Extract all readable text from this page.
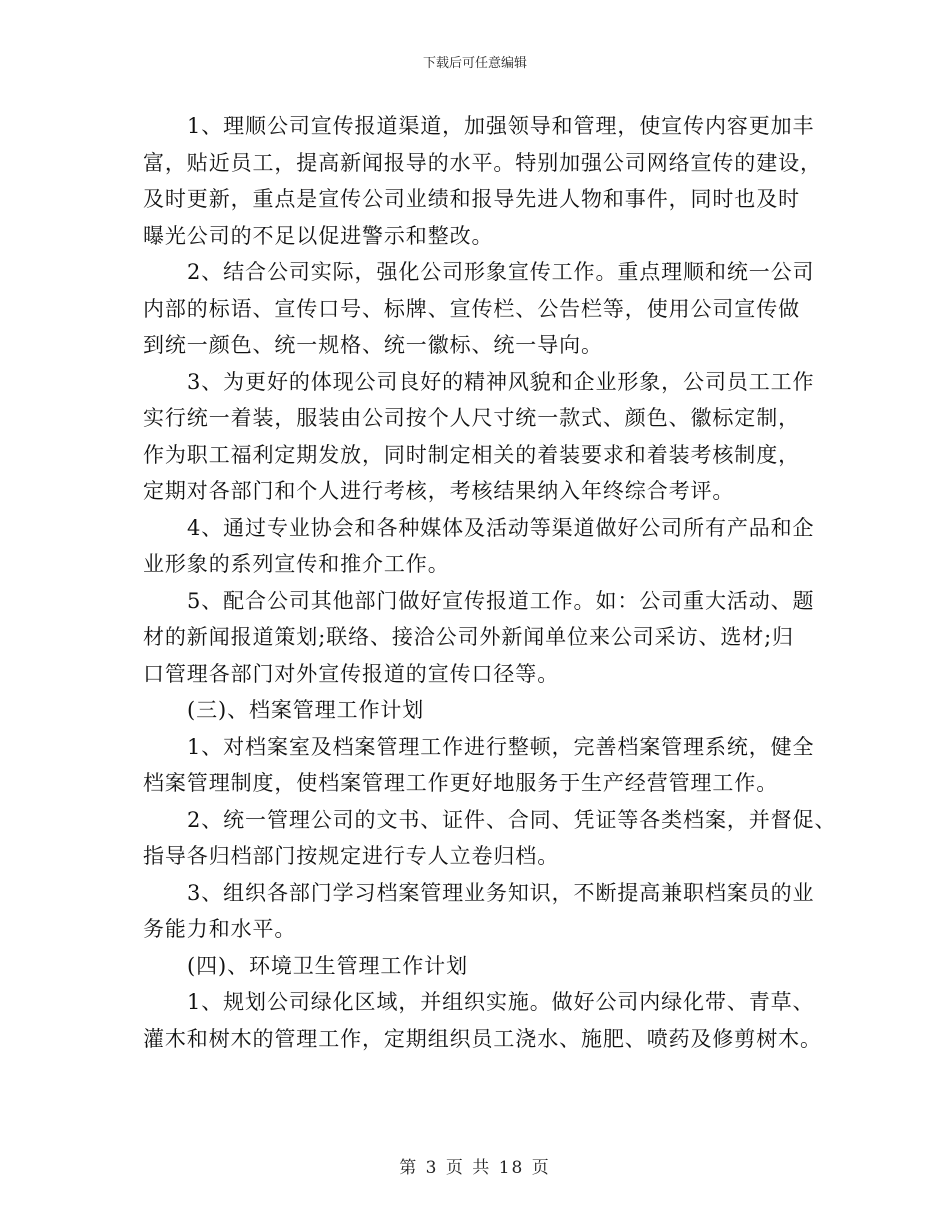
下载后可任意编辑
1、理顺公司宣传报道渠道，加强领导和管理，使宣传内容更加丰
富，贴近员工，提高新闻报导的水平。特别加强公司网络宣传的建设，
及时更新，重点是宣传公司业绩和报导先进人物和事件，同时也及时
曝光公司的不足以促进警示和整改。
2、结合公司实际，强化公司形象宣传工作。重点理顺和统一公司
内部的标语、宣传口号、标牌、宣传栏、公告栏等，使用公司宣传做
到统一颜色、统一规格、统一徽标、统一导向。
3、为更好的体现公司良好的精神风貌和企业形象，公司员工工作
实行统一着装，服装由公司按个人尺寸统一款式、颜色、徽标定制，
作为职工福利定期发放，同时制定相关的着装要求和着装考核制度，
定期对各部门和个人进行考核，考核结果纳入年终综合考评。
4、通过专业协会和各种媒体及活动等渠道做好公司所有产品和企
业形象的系列宣传和推介工作。
5、配合公司其他部门做好宣传报道工作。如：公司重大活动、题
材的新闻报道策划;联络、接洽公司外新闻单位来公司采访、选材;归
口管理各部门对外宣传报道的宣传口径等。
(三)、档案管理工作计划
1、对档案室及档案管理工作进行整顿，完善档案管理系统，健全
档案管理制度，使档案管理工作更好地服务于生产经营管理工作。
2、统一管理公司的文书、证件、合同、凭证等各类档案，并督促、
指导各归档部门按规定进行专人立卷归档。
3、组织各部门学习档案管理业务知识，不断提高兼职档案员的业
务能力和水平。
(四)、环境卫生管理工作计划
1、规划公司绿化区域，并组织实施。做好公司内绿化带、青草、
灌木和树木的管理工作，定期组织员工浇水、施肥、喷药及修剪树木。
第 3 页 共 18 页
